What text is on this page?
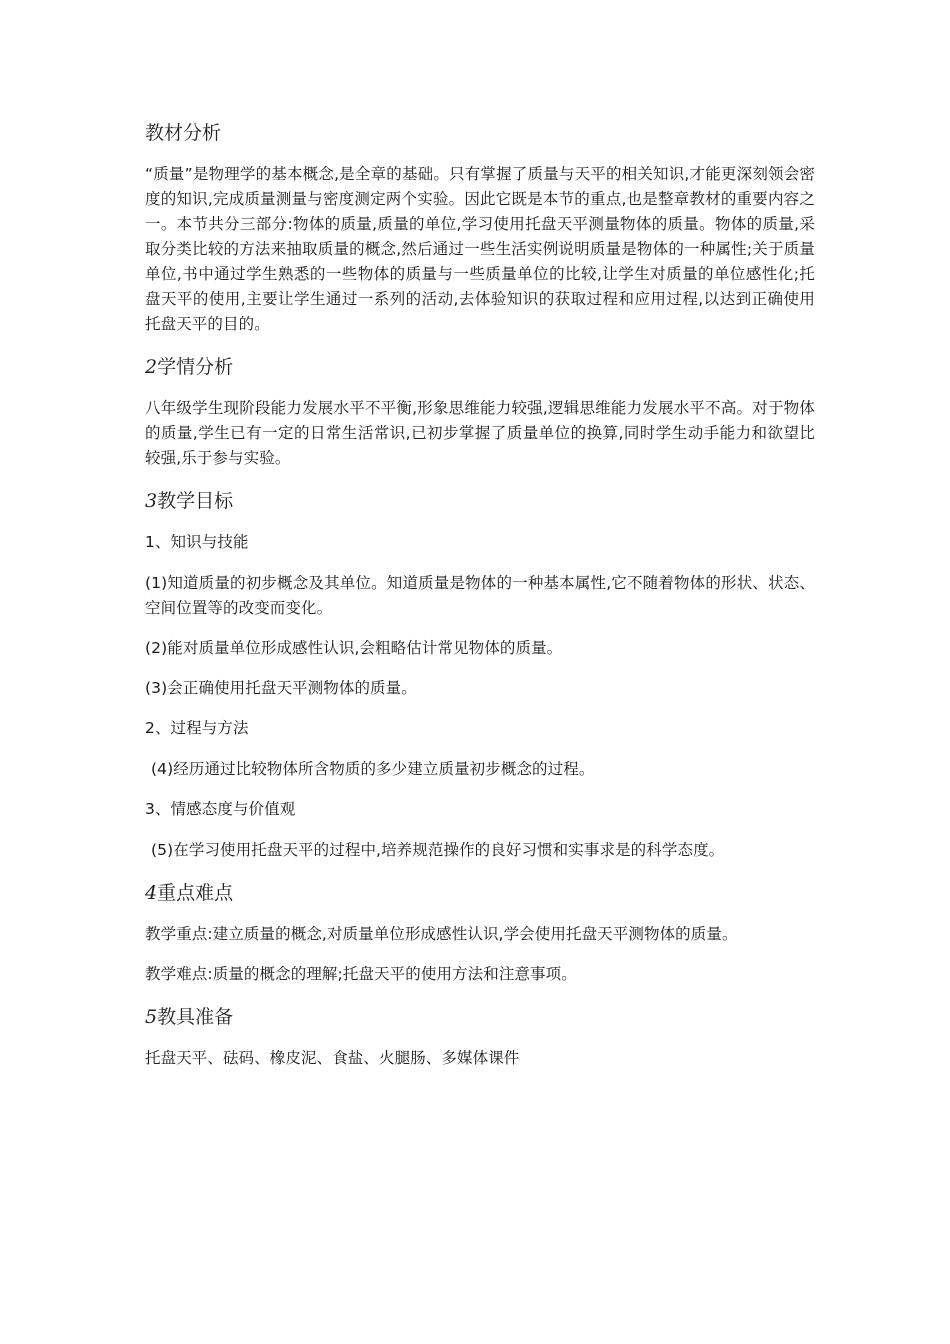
教材分析

“质量”是物理学的基本概念,是全章的基础。只有掌握了质量与天平的相关知识,才能更深刻领会密度的知识,完成质量测量与密度测定两个实验。因此它既是本节的重点,也是整章教材的重要内容之一。本节共分三部分:物体的质量,质量的单位,学习使用托盘天平测量物体的质量。物体的质量,采取分类比较的方法来抽取质量的概念,然后通过一些生活实例说明质量是物体的一种属性;关于质量单位,书中通过学生熟悉的一些物体的质量与一些质量单位的比较,让学生对质量的单位感性化;托盘天平的使用,主要让学生通过一系列的活动,去体验知识的获取过程和应用过程,以达到正确使用托盘天平的目的。

2学情分析

八年级学生现阶段能力发展水平不平衡,形象思维能力较强,逻辑思维能力发展水平不高。对于物体的质量,学生已有一定的日常生活常识,已初步掌握了质量单位的换算,同时学生动手能力和欲望比较强,乐于参与实验。

3教学目标

1、知识与技能

(1)知道质量的初步概念及其单位。知道质量是物体的一种基本属性,它不随着物体的形状、状态、空间位置等的改变而变化。

(2)能对质量单位形成感性认识,会粗略估计常见物体的质量。

(3)会正确使用托盘天平测物体的质量。

2、过程与方法

(4)经历通过比较物体所含物质的多少建立质量初步概念的过程。

3、情感态度与价值观

(5)在学习使用托盘天平的过程中,培养规范操作的良好习惯和实事求是的科学态度。

4重点难点

教学重点:建立质量的概念,对质量单位形成感性认识,学会使用托盘天平测物体的质量。

教学难点:质量的概念的理解;托盘天平的使用方法和注意事项。

5教具准备

托盘天平、砝码、橡皮泥、食盐、火腿肠、多媒体课件
